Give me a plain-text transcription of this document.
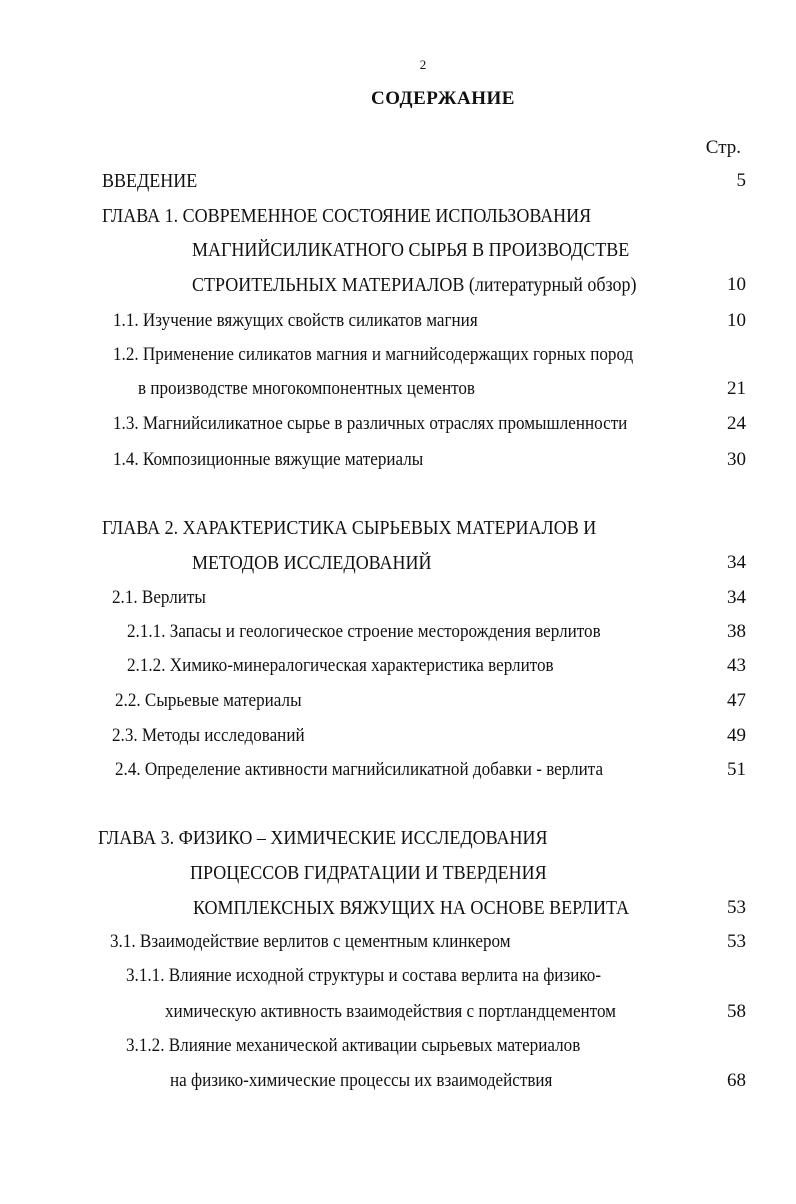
2
СОДЕРЖАНИЕ
Стр.
ВВЕДЕНИЕ	5
ГЛАВА 1. СОВРЕМЕННОЕ СОСТОЯНИЕ ИСПОЛЬЗОВАНИЯ
МАГНИЙСИЛИКАТНОГО СЫРЬЯ В ПРОИЗВОДСТВЕ
СТРОИТЕЛЬНЫХ МАТЕРИАЛОВ (литературный обзор)	10
1.1. Изучение вяжущих свойств силикатов магния	10
1.2. Применение силикатов магния и магнийсодержащих горных пород
в производстве многокомпонентных цементов	21
1.3. Магнийсиликатное сырье в различных отраслях промышленности	24
1.4. Композиционные вяжущие материалы	30
ГЛАВА 2. ХАРАКТЕРИСТИКА СЫРЬЕВЫХ МАТЕРИАЛОВ И
МЕТОДОВ ИССЛЕДОВАНИЙ	34
2.1. Верлиты	34
2.1.1. Запасы и геологическое строение месторождения верлитов	38
2.1.2. Химико-минералогическая характеристика верлитов	43
2.2. Сырьевые материалы	47
2.3. Методы исследований	49
2.4. Определение активности магнийсиликатной добавки - верлита	51
ГЛАВА 3. ФИЗИКО – ХИМИЧЕСКИЕ ИССЛЕДОВАНИЯ
ПРОЦЕССОВ ГИДРАТАЦИИ И ТВЕРДЕНИЯ
КОМПЛЕКСНЫХ ВЯЖУЩИХ НА ОСНОВЕ ВЕРЛИТА	53
3.1. Взаимодействие верлитов с цементным клинкером	53
3.1.1. Влияние исходной структуры и состава верлита на физико-
химическую активность взаимодействия с портландцементом	58
3.1.2. Влияние механической активации сырьевых материалов
на физико-химические процессы их взаимодействия	68
